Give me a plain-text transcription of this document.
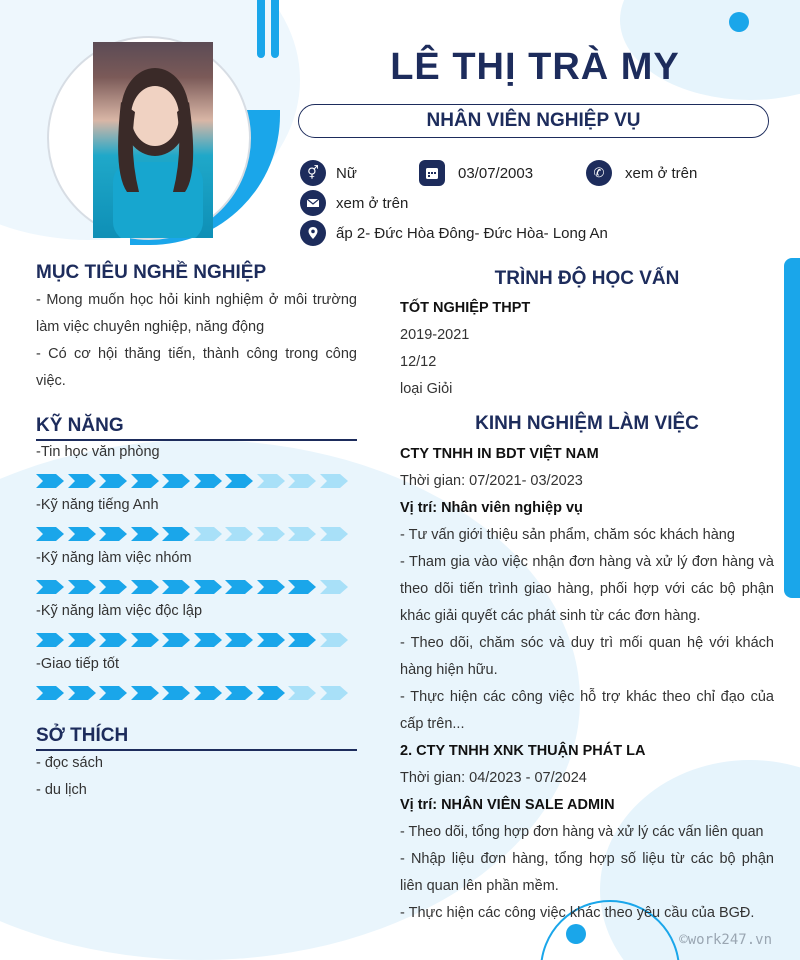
LÊ THỊ TRÀ MY
NHÂN VIÊN NGHIỆP VỤ
⚥	Nữ	03/07/2003	✆	xem ở trên
xem ở trên
ấp 2- Đức Hòa Đông- Đức Hòa- Long An
MỤC TIÊU NGHỀ NGHIỆP

- Mong muốn học hỏi kinh nghiệm ở môi trường làm việc chuyên nghiệp, năng động

- Có cơ hội thăng tiến, thành công trong công việc.

KỸ NĂNG
-Tin học văn phòng
-Kỹ năng tiếng Anh
-Kỹ năng làm việc nhóm
-Kỹ năng làm việc độc lập
-Giao tiếp tốt
SỞ THÍCH

- đọc sách

- du lịch

TRÌNH ĐỘ HỌC VẤN

TỐT NGHIỆP THPT

2019-2021

12/12

loại Giỏi

KINH NGHIỆM LÀM VIỆC

CTY TNHH IN BDT VIỆT NAM

Thời gian: 07/2021- 03/2023

Vị trí: Nhân viên nghiệp vụ

- Tư vấn giới thiệu sản phẩm, chăm sóc khách hàng

- Tham gia vào việc nhận đơn hàng và xử lý đơn hàng và theo dõi tiến trình giao hàng, phối hợp với các bộ phận khác giải quyết các phát sinh từ các đơn hàng.

- Theo dõi, chăm sóc và duy trì mối quan hệ với khách hàng hiện hữu.

- Thực hiện các công việc hỗ trợ khác theo chỉ đạo của cấp trên...

2. CTY TNHH XNK THUẬN PHÁT LA

Thời gian: 04/2023 - 07/2024

Vị trí: NHÂN VIÊN SALE ADMIN

- Theo dõi, tổng hợp đơn hàng và xử lý các vấn liên quan

- Nhập liệu đơn hàng, tổng hợp số liệu từ các bộ phận liên quan lên phần mềm.

- Thực hiện các công việc khác theo yêu cầu của BGĐ.

©work247.vn
